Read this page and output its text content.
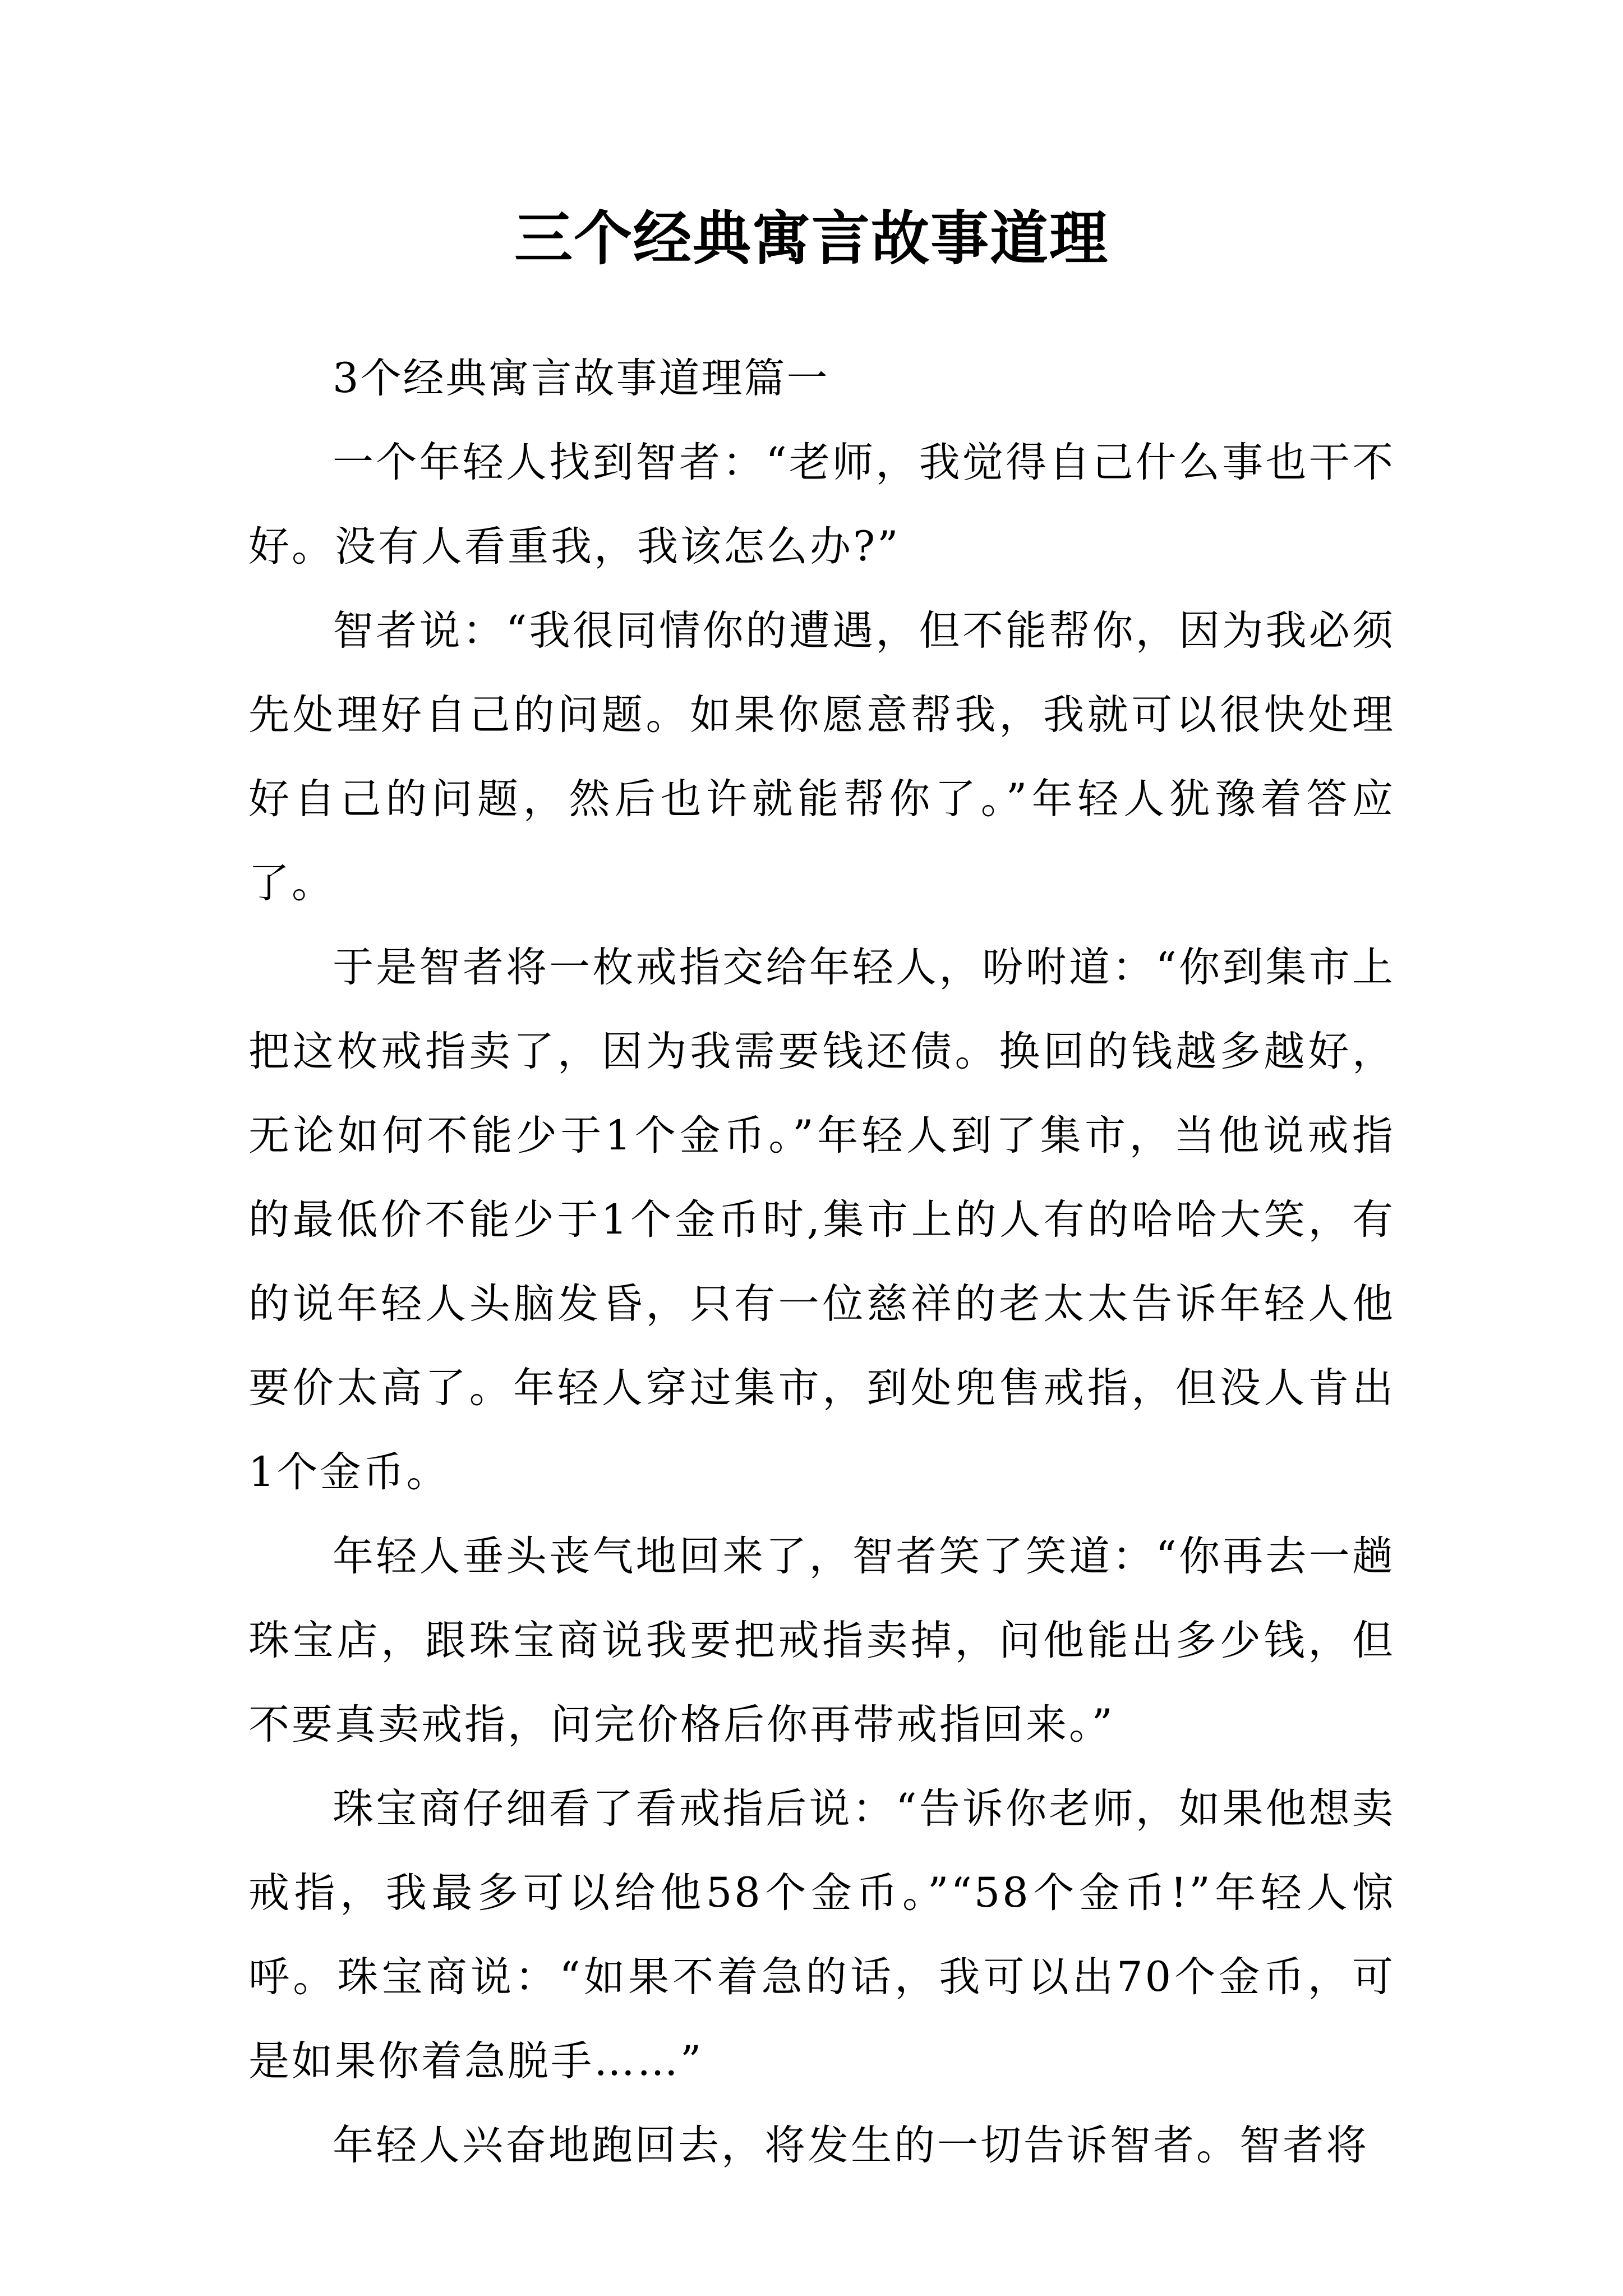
三个经典寓言故事道理

3个经典寓言故事道理篇一

一个年轻人找到智者：“老师，我觉得自己什么事也干不好。没有人看重我，我该怎么办?”

智者说：“我很同情你的遭遇，但不能帮你，因为我必须先处理好自己的问题。如果你愿意帮我，我就可以很快处理好自己的问题，然后也许就能帮你了。”年轻人犹豫着答应了。

于是智者将一枚戒指交给年轻人，吩咐道：“你到集市上把这枚戒指卖了，因为我需要钱还债。换回的钱越多越好，无论如何不能少于1个金币。”年轻人到了集市，当他说戒指的最低价不能少于1个金币时,集市上的人有的哈哈大笑，有的说年轻人头脑发昏，只有一位慈祥的老太太告诉年轻人他要价太高了。年轻人穿过集市，到处兜售戒指，但没人肯出1个金币。

年轻人垂头丧气地回来了，智者笑了笑道：“你再去一趟珠宝店，跟珠宝商说我要把戒指卖掉，问他能出多少钱，但不要真卖戒指，问完价格后你再带戒指回来。”

珠宝商仔细看了看戒指后说：“告诉你老师，如果他想卖戒指，我最多可以给他58个金币。”“58个金币!”年轻人惊呼。珠宝商说：“如果不着急的话，我可以出70个金币，可是如果你着急脱手……”

年轻人兴奋地跑回去，将发生的一切告诉智者。智者将
